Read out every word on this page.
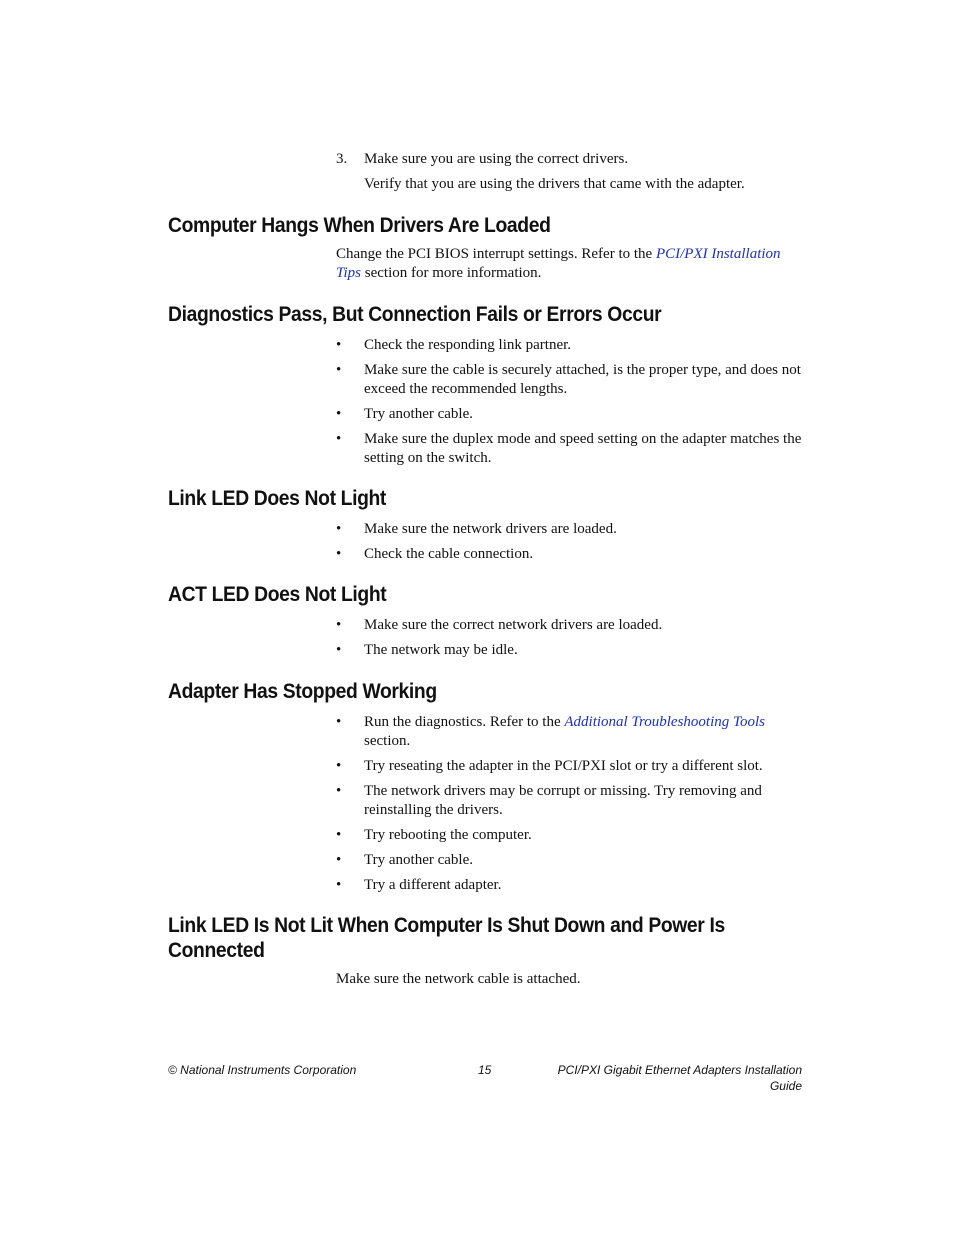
3. Make sure you are using the correct drivers.

Verify that you are using the drivers that came with the adapter.

Computer Hangs When Drivers Are Loaded

Change the PCI BIOS interrupt settings. Refer to the PCI/PXI Installation Tips section for more information.

Diagnostics Pass, But Connection Fails or Errors Occur
• Check the responding link partner.
• Make sure the cable is securely attached, is the proper type, and does not exceed the recommended lengths.
• Try another cable.
• Make sure the duplex mode and speed setting on the adapter matches the setting on the switch.
Link LED Does Not Light
• Make sure the network drivers are loaded.
• Check the cable connection.
ACT LED Does Not Light
• Make sure the correct network drivers are loaded.
• The network may be idle.
Adapter Has Stopped Working
• Run the diagnostics. Refer to the Additional Troubleshooting Tools section.
• Try reseating the adapter in the PCI/PXI slot or try a different slot.
• The network drivers may be corrupt or missing. Try removing and reinstalling the drivers.
• Try rebooting the computer.
• Try another cable.
• Try a different adapter.
Link LED Is Not Lit When Computer Is Shut Down and Power Is Connected

Make sure the network cable is attached.

© National Instruments Corporation	15	PCI/PXI Gigabit Ethernet Adapters Installation Guide
